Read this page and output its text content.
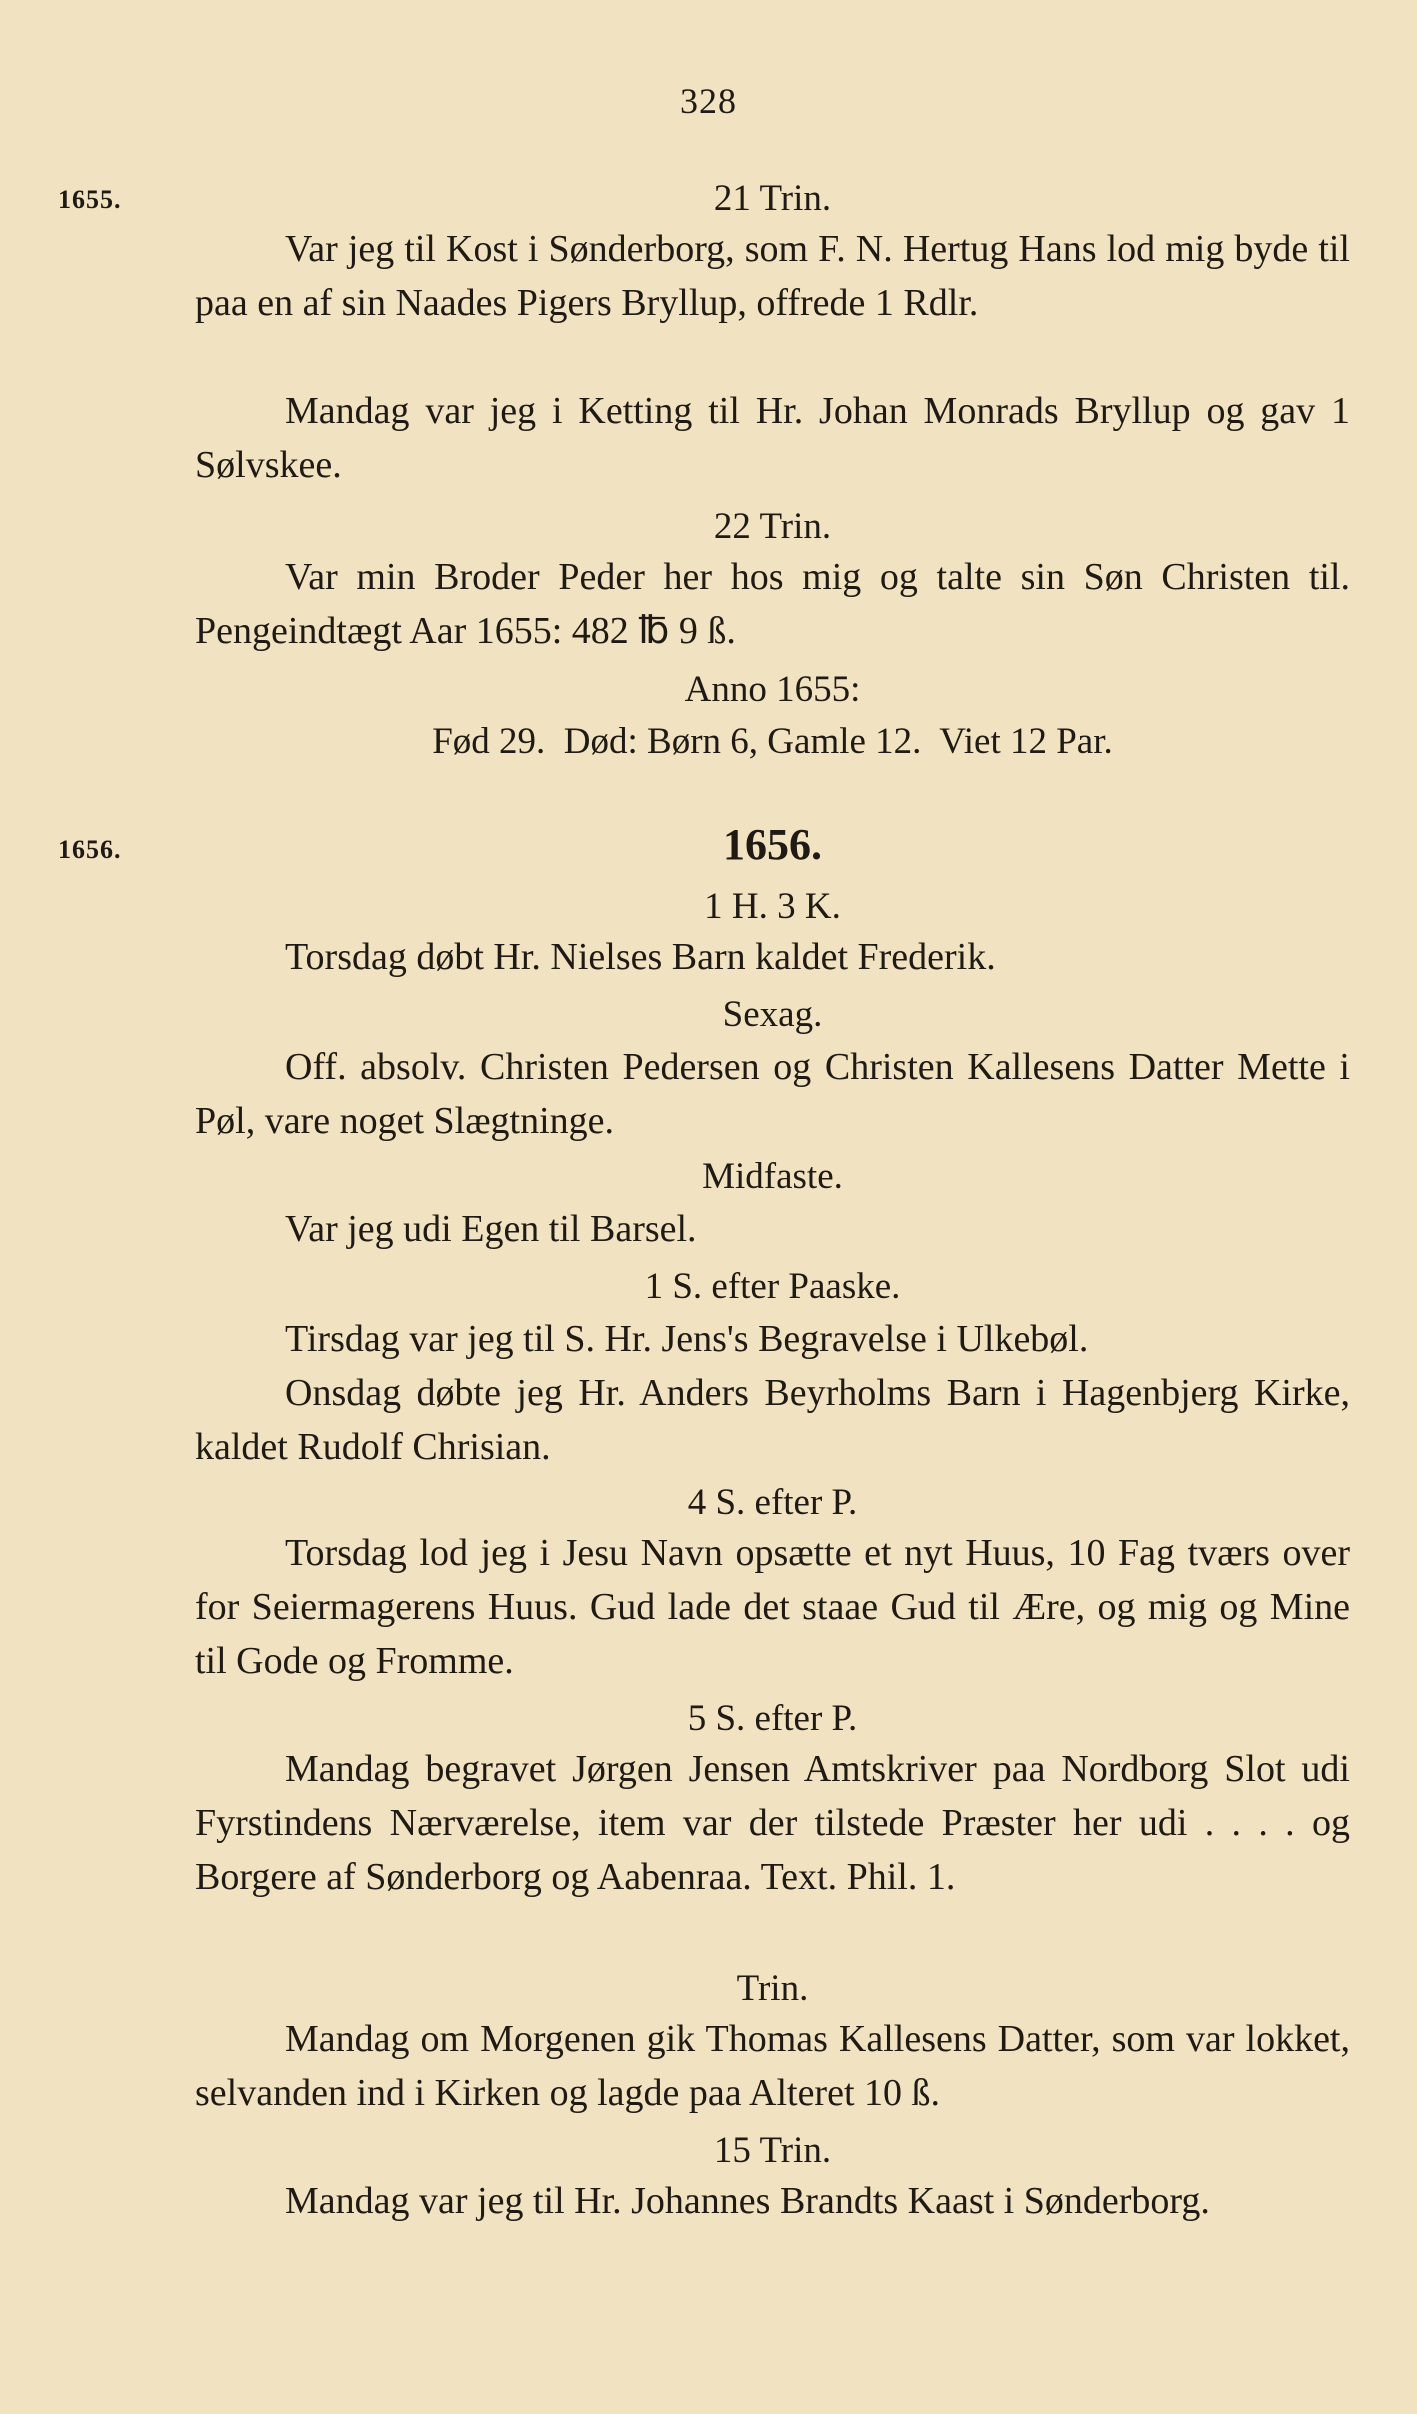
328
1655.
1656.
21 Trin.
Var jeg til Kost i Sønderborg, som F. N. Hertug Hans lod mig byde til paa en af sin Naades Pigers Bryllup, offrede 1 Rdlr.
Mandag var jeg i Ketting til Hr. Johan Monrads Bryllup og gav 1 Sølvskee.
22 Trin.
Var min Broder Peder her hos mig og talte sin Søn Christen til. Pengeindtægt Aar 1655: 482 ℔ 9 ß.
Anno 1655:
Fød 29.  Død: Børn 6, Gamle 12.  Viet 12 Par.
1656.
1 H. 3 K.
Torsdag døbt Hr. Nielses Barn kaldet Frederik.
Sexag.
Off. absolv. Christen Pedersen og Christen Kallesens Datter Mette i Pøl, vare noget Slægtninge.
Midfaste.
Var jeg udi Egen til Barsel.
1 S. efter Paaske.
Tirsdag var jeg til S. Hr. Jens's Begravelse i Ulkebøl.
Onsdag døbte jeg Hr. Anders Beyrholms Barn i Hagenbjerg Kirke, kaldet Rudolf Chrisian.
4 S. efter P.
Torsdag lod jeg i Jesu Navn opsætte et nyt Huus, 10 Fag tværs over for Seiermagerens Huus. Gud lade det staae Gud til Ære, og mig og Mine til Gode og Fromme.
5 S. efter P.
Mandag begravet Jørgen Jensen Amtskriver paa Nordborg Slot udi Fyrstindens Nærværelse, item var der tilstede Præster her udi . . . . og Borgere af Sønderborg og Aabenraa. Text. Phil. 1.
Trin.
Mandag om Morgenen gik Thomas Kallesens Datter, som var lokket, selvanden ind i Kirken og lagde paa Alteret 10 ß.
15 Trin.
Mandag var jeg til Hr. Johannes Brandts Kaast i Sønderborg.
